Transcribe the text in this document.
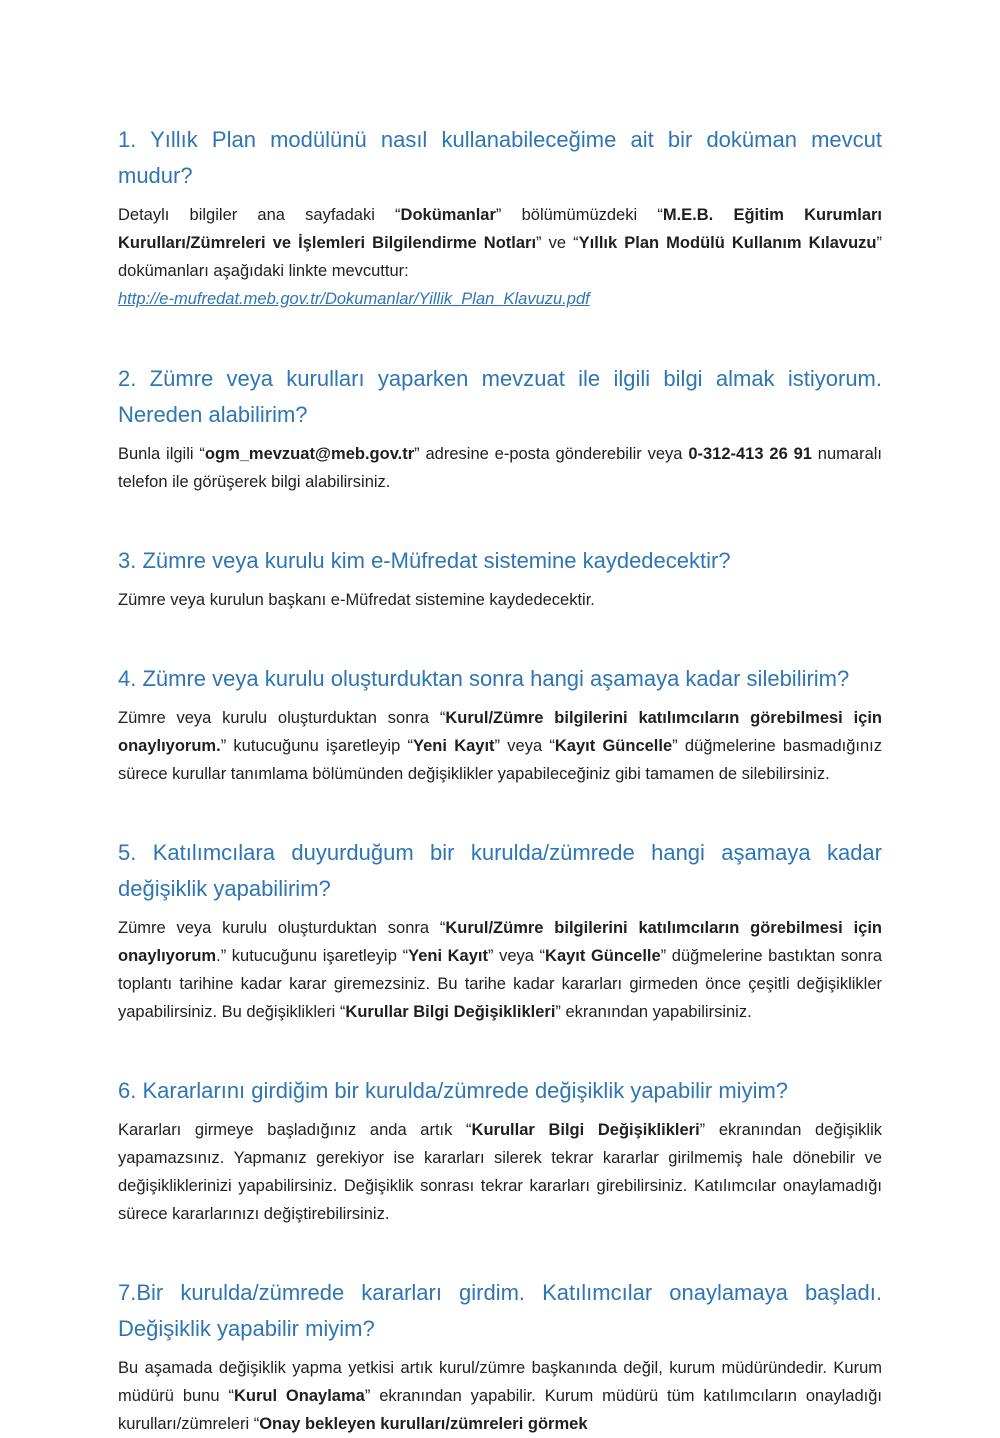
1. Yıllık Plan modülünü nasıl kullanabileceğime ait bir doküman mevcut mudur?

Detaylı bilgiler ana sayfadaki “Dokümanlar” bölümümüzdeki “M.E.B. Eğitim Kurumları Kurulları/Zümreleri ve İşlemleri Bilgilendirme Notları” ve “Yıllık Plan Modülü Kullanım Kılavuzu” dokümanları aşağıdaki linkte mevcuttur:

http://e-mufredat.meb.gov.tr/Dokumanlar/Yillik_Plan_Klavuzu.pdf

2. Zümre veya kurulları yaparken mevzuat ile ilgili bilgi almak istiyorum. Nereden alabilirim?

Bunla ilgili “ogm_mevzuat@meb.gov.tr” adresine e-posta gönderebilir veya 0-312-413 26 91 numaralı telefon ile görüşerek bilgi alabilirsiniz.

3. Zümre veya kurulu kim e-Müfredat sistemine kaydedecektir?

Zümre veya kurulun başkanı e-Müfredat sistemine kaydedecektir.

4. Zümre veya kurulu oluşturduktan sonra hangi aşamaya kadar silebilirim?

Zümre veya kurulu oluşturduktan sonra “Kurul/Zümre bilgilerini katılımcıların görebilmesi için onaylıyorum.” kutucuğunu işaretleyip “Yeni Kayıt” veya “Kayıt Güncelle” düğmelerine basmadığınız sürece kurullar tanımlama bölümünden değişiklikler yapabileceğiniz gibi tamamen de silebilirsiniz.

5. Katılımcılara duyurduğum bir kurulda/zümrede hangi aşamaya kadar değişiklik yapabilirim?

Zümre veya kurulu oluşturduktan sonra “Kurul/Zümre bilgilerini katılımcıların görebilmesi için onaylıyorum.” kutucuğunu işaretleyip “Yeni Kayıt” veya “Kayıt Güncelle” düğmelerine bastıktan sonra toplantı tarihine kadar karar giremezsiniz. Bu tarihe kadar kararları girmeden önce çeşitli değişiklikler yapabilirsiniz. Bu değişiklikleri “Kurullar Bilgi Değişiklikleri” ekranından yapabilirsiniz.

6. Kararlarını girdiğim bir kurulda/zümrede değişiklik yapabilir miyim?

Kararları girmeye başladığınız anda artık “Kurullar Bilgi Değişiklikleri” ekranından değişiklik yapamazsınız. Yapmanız gerekiyor ise kararları silerek tekrar kararlar girilmemiş hale dönebilir ve değişikliklerinizi yapabilirsiniz. Değişiklik sonrası tekrar kararları girebilirsiniz. Katılımcılar onaylamadığı sürece kararlarınızı değiştirebilirsiniz.

7.Bir kurulda/zümrede kararları girdim. Katılımcılar onaylamaya başladı. Değişiklik yapabilir miyim?

Bu aşamada değişiklik yapma yetkisi artık kurul/zümre başkanında değil, kurum müdüründedir. Kurum müdürü bunu “Kurul Onaylama” ekranından yapabilir. Kurum müdürü tüm katılımcıların onayladığı kurulları/zümreleri “Onay bekleyen kurulları/zümreleri görmek
